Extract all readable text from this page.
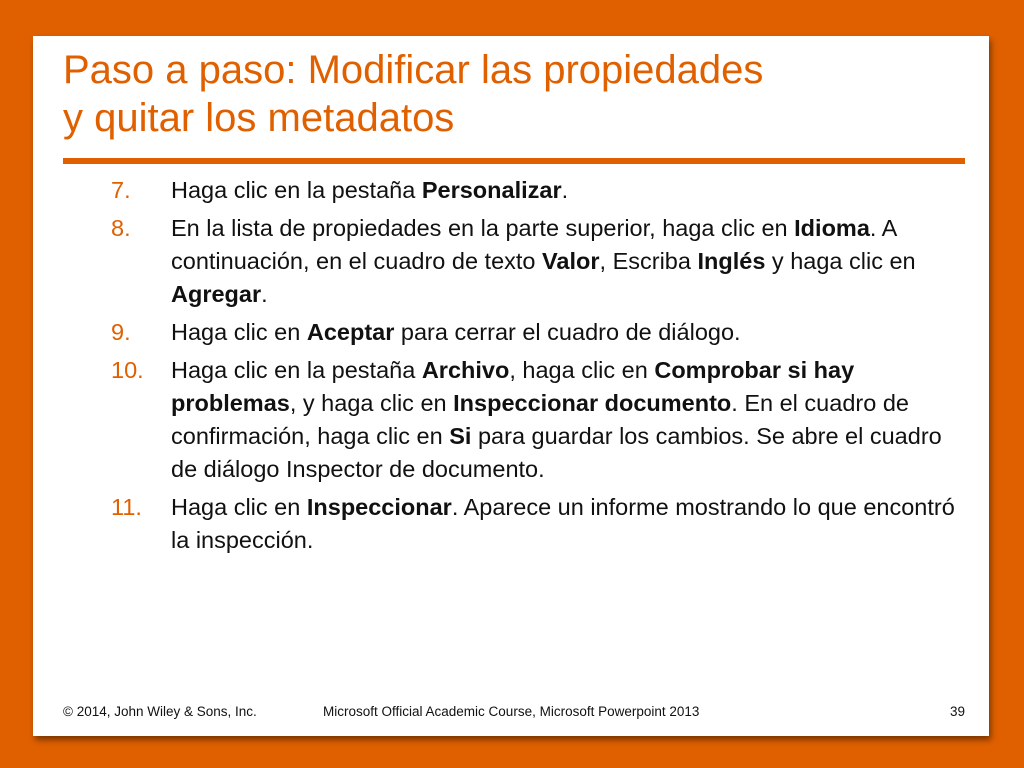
Paso a paso: Modificar las propiedades
y quitar los metadatos
7. Haga clic en la pestaña Personalizar.
8. En la lista de propiedades en la parte superior, haga clic en Idioma. A continuación, en el cuadro de texto Valor, Escriba Inglés y haga clic en Agregar.
9. Haga clic en Aceptar para cerrar el cuadro de diálogo.
10. Haga clic en la pestaña Archivo, haga clic en Comprobar si hay problemas, y haga clic en Inspeccionar documento. En el cuadro de confirmación, haga clic en Si para guardar los cambios. Se abre el cuadro de diálogo Inspector de documento.
11. Haga clic en Inspeccionar. Aparece un informe mostrando lo que encontró la inspección.
© 2014, John Wiley & Sons, Inc.	Microsoft Official Academic Course, Microsoft Powerpoint 2013	39
